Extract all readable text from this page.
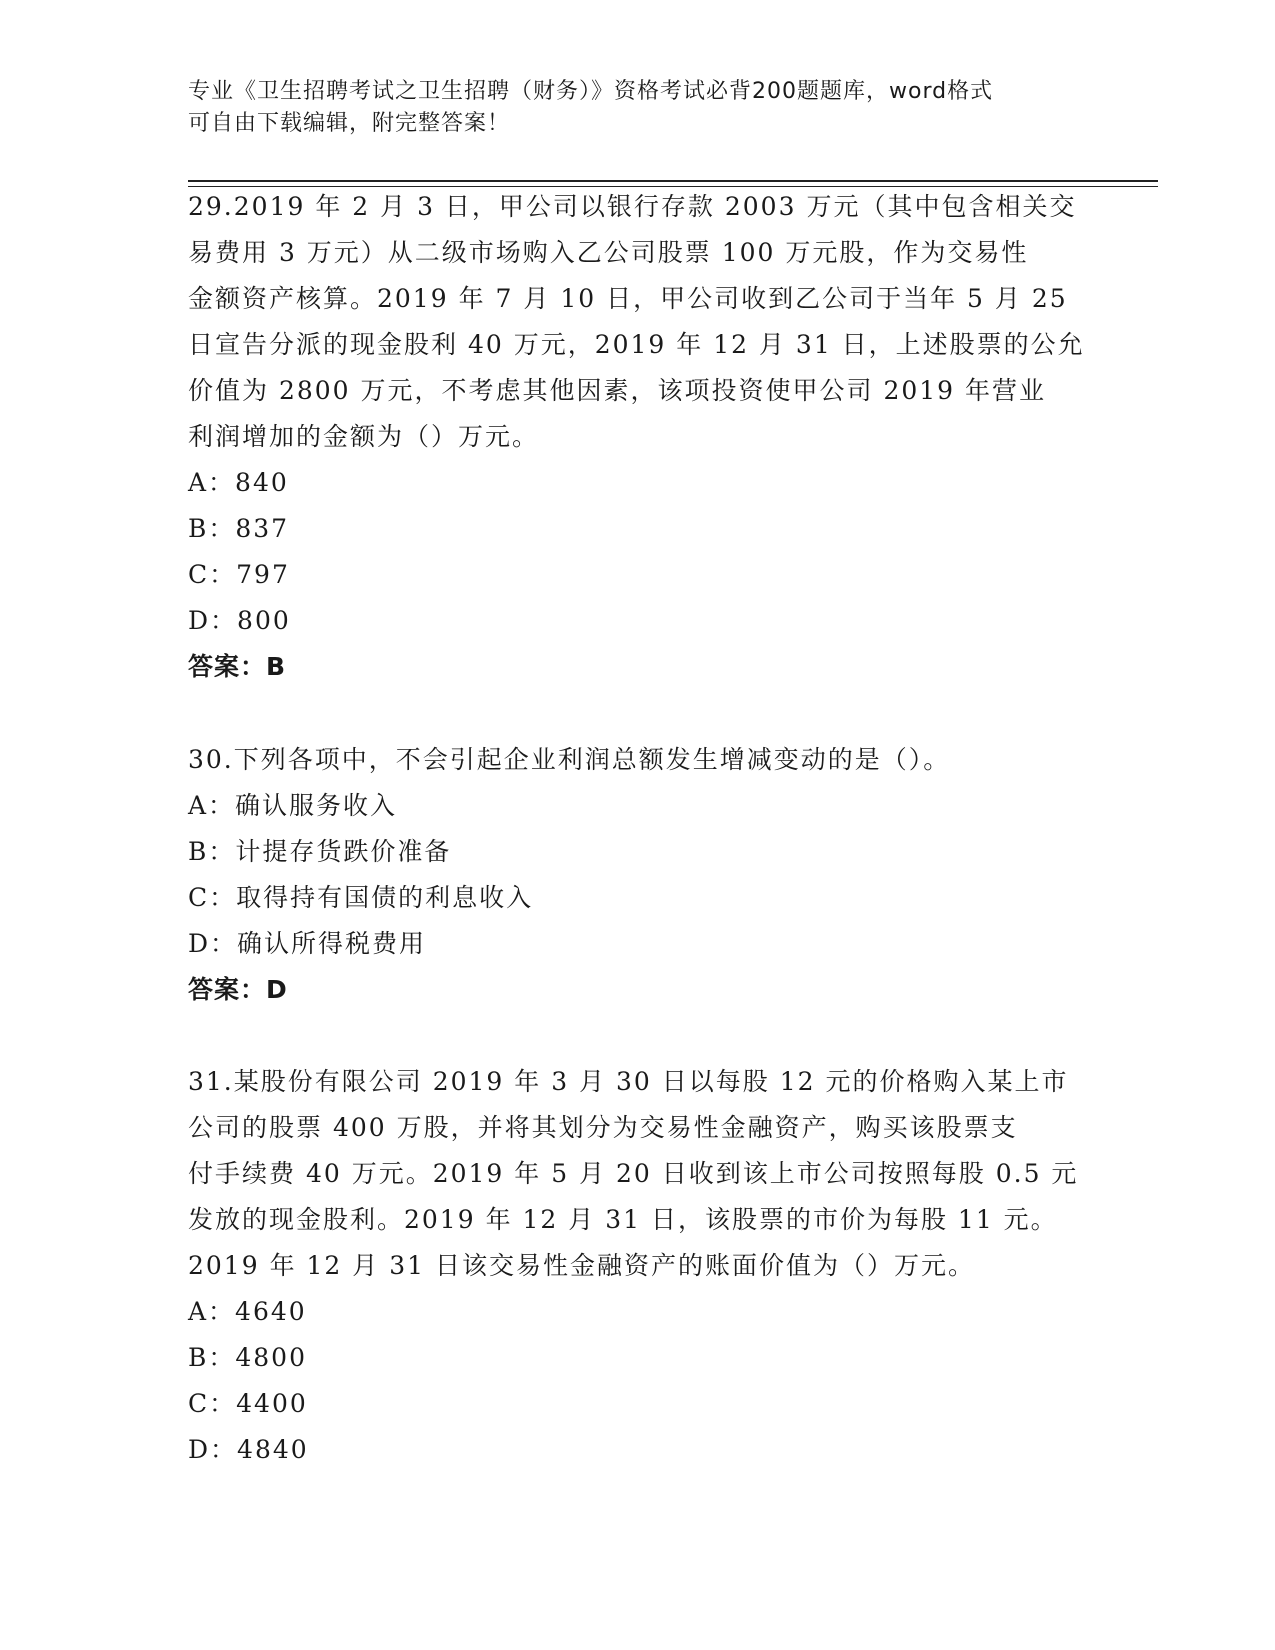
专业《卫生招聘考试之卫生招聘（财务）》资格考试必背200题题库，word格式
可自由下载编辑，附完整答案！
29.2019 年 2 月 3 日，甲公司以银行存款 2003 万元（其中包含相关交
易费用 3 万元）从二级市场购入乙公司股票 100 万元股，作为交易性
金额资产核算。2019 年 7 月 10 日，甲公司收到乙公司于当年 5 月 25
日宣告分派的现金股利 40 万元，2019 年 12 月 31 日，上述股票的公允
价值为 2800 万元，不考虑其他因素，该项投资使甲公司 2019 年营业
利润增加的金额为（）万元。
A：840
B：837
C：797
D：800
答案：B
30.下列各项中，不会引起企业利润总额发生增减变动的是（）。
A：确认服务收入
B：计提存货跌价准备
C：取得持有国债的利息收入
D：确认所得税费用
答案：D
31.某股份有限公司 2019 年 3 月 30 日以每股 12 元的价格购入某上市
公司的股票 400 万股，并将其划分为交易性金融资产，购买该股票支
付手续费 40 万元。2019 年 5 月 20 日收到该上市公司按照每股 0.5 元
发放的现金股利。2019 年 12 月 31 日，该股票的市价为每股 11 元。
2019 年 12 月 31 日该交易性金融资产的账面价值为（）万元。
A：4640
B：4800
C：4400
D：4840
